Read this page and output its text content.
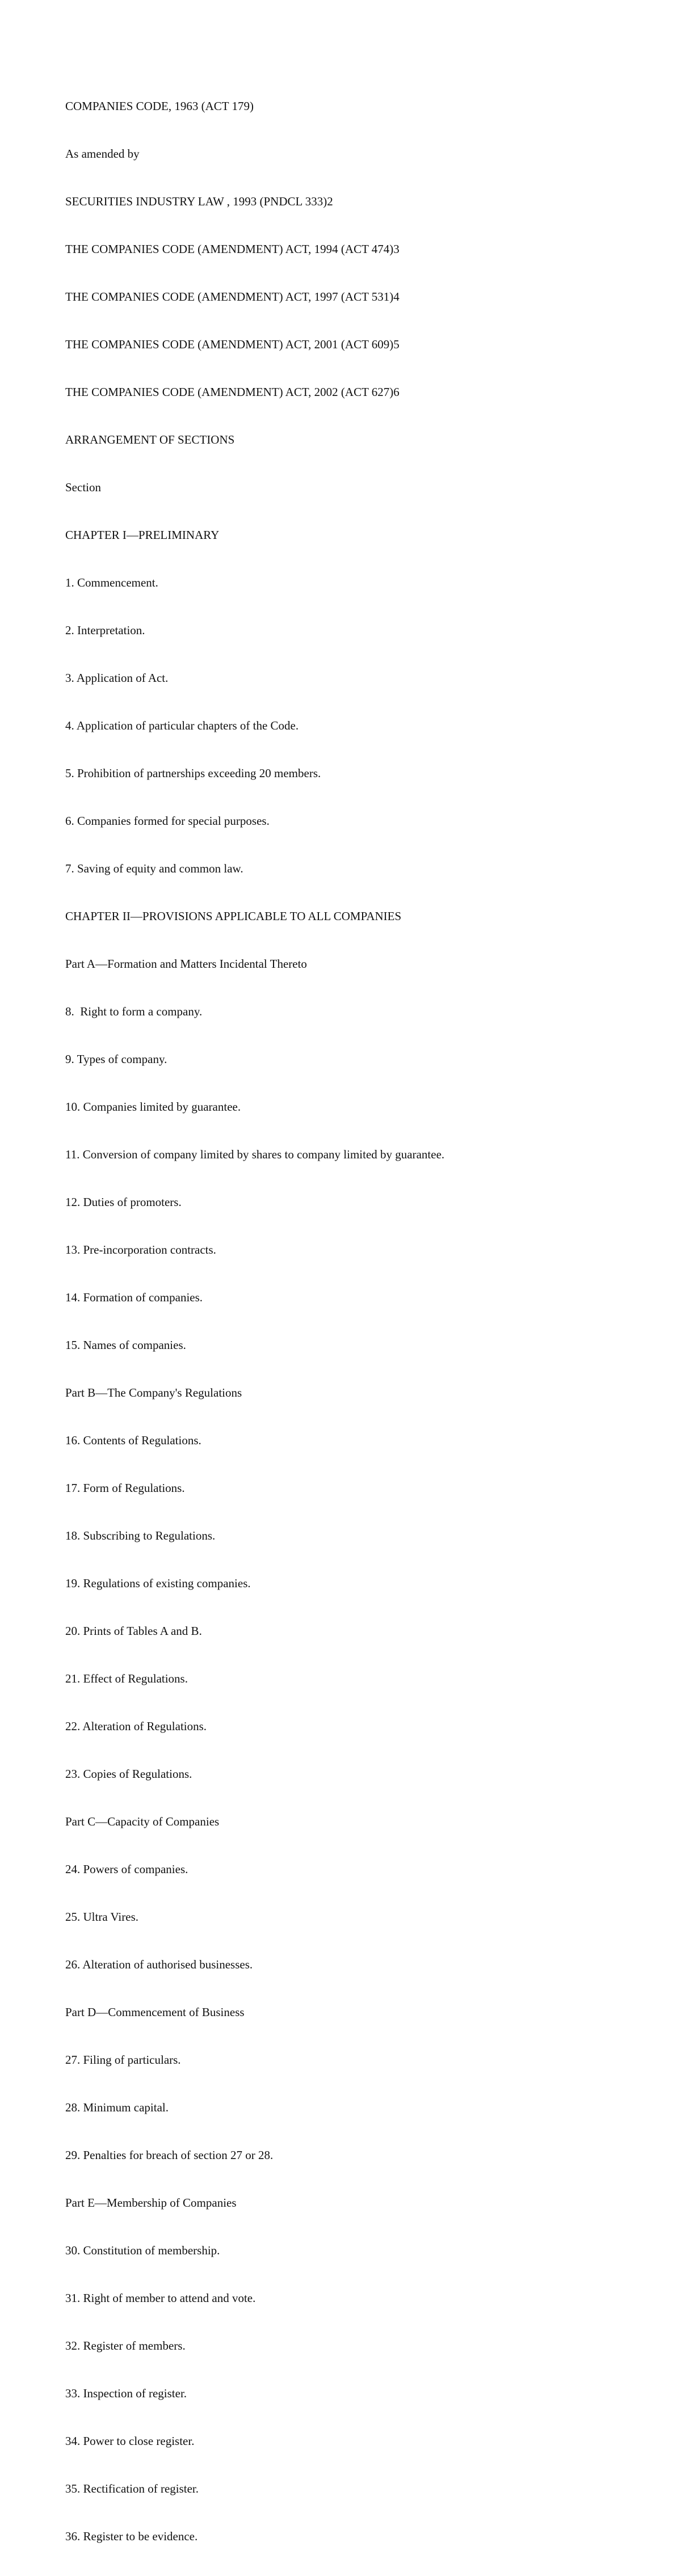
COMPANIES CODE, 1963 (ACT 179)

As amended by

SECURITIES INDUSTRY LAW , 1993 (PNDCL 333)2

THE COMPANIES CODE (AMENDMENT) ACT, 1994 (ACT 474)3

THE COMPANIES CODE (AMENDMENT) ACT, 1997 (ACT 531)4

THE COMPANIES CODE (AMENDMENT) ACT, 2001 (ACT 609)5

THE COMPANIES CODE (AMENDMENT) ACT, 2002 (ACT 627)6

ARRANGEMENT OF SECTIONS

Section

CHAPTER I—PRELIMINARY

1. Commencement.

2. Interpretation.

3. Application of Act.

4. Application of particular chapters of the Code.

5. Prohibition of partnerships exceeding 20 members.

6. Companies formed for special purposes.

7. Saving of equity and common law.

CHAPTER II—PROVISIONS APPLICABLE TO ALL COMPANIES

Part A—Formation and Matters Incidental Thereto

8.  Right to form a company.

9. Types of company.

10. Companies limited by guarantee.

11. Conversion of company limited by shares to company limited by guarantee.

12. Duties of promoters.

13. Pre-incorporation contracts.

14. Formation of companies.

15. Names of companies.

Part B—The Company's Regulations

16. Contents of Regulations.

17. Form of Regulations.

18. Subscribing to Regulations.

19. Regulations of existing companies.

20. Prints of Tables A and B.

21. Effect of Regulations.

22. Alteration of Regulations.

23. Copies of Regulations.

Part C—Capacity of Companies

24. Powers of companies.

25. Ultra Vires.

26. Alteration of authorised businesses.

Part D—Commencement of Business

27. Filing of particulars.

28. Minimum capital.

29. Penalties for breach of section 27 or 28.

Part E—Membership of Companies

30. Constitution of membership.

31. Right of member to attend and vote.

32. Register of members.

33. Inspection of register.

34. Power to close register.

35. Rectification of register.

36. Register to be evidence.
